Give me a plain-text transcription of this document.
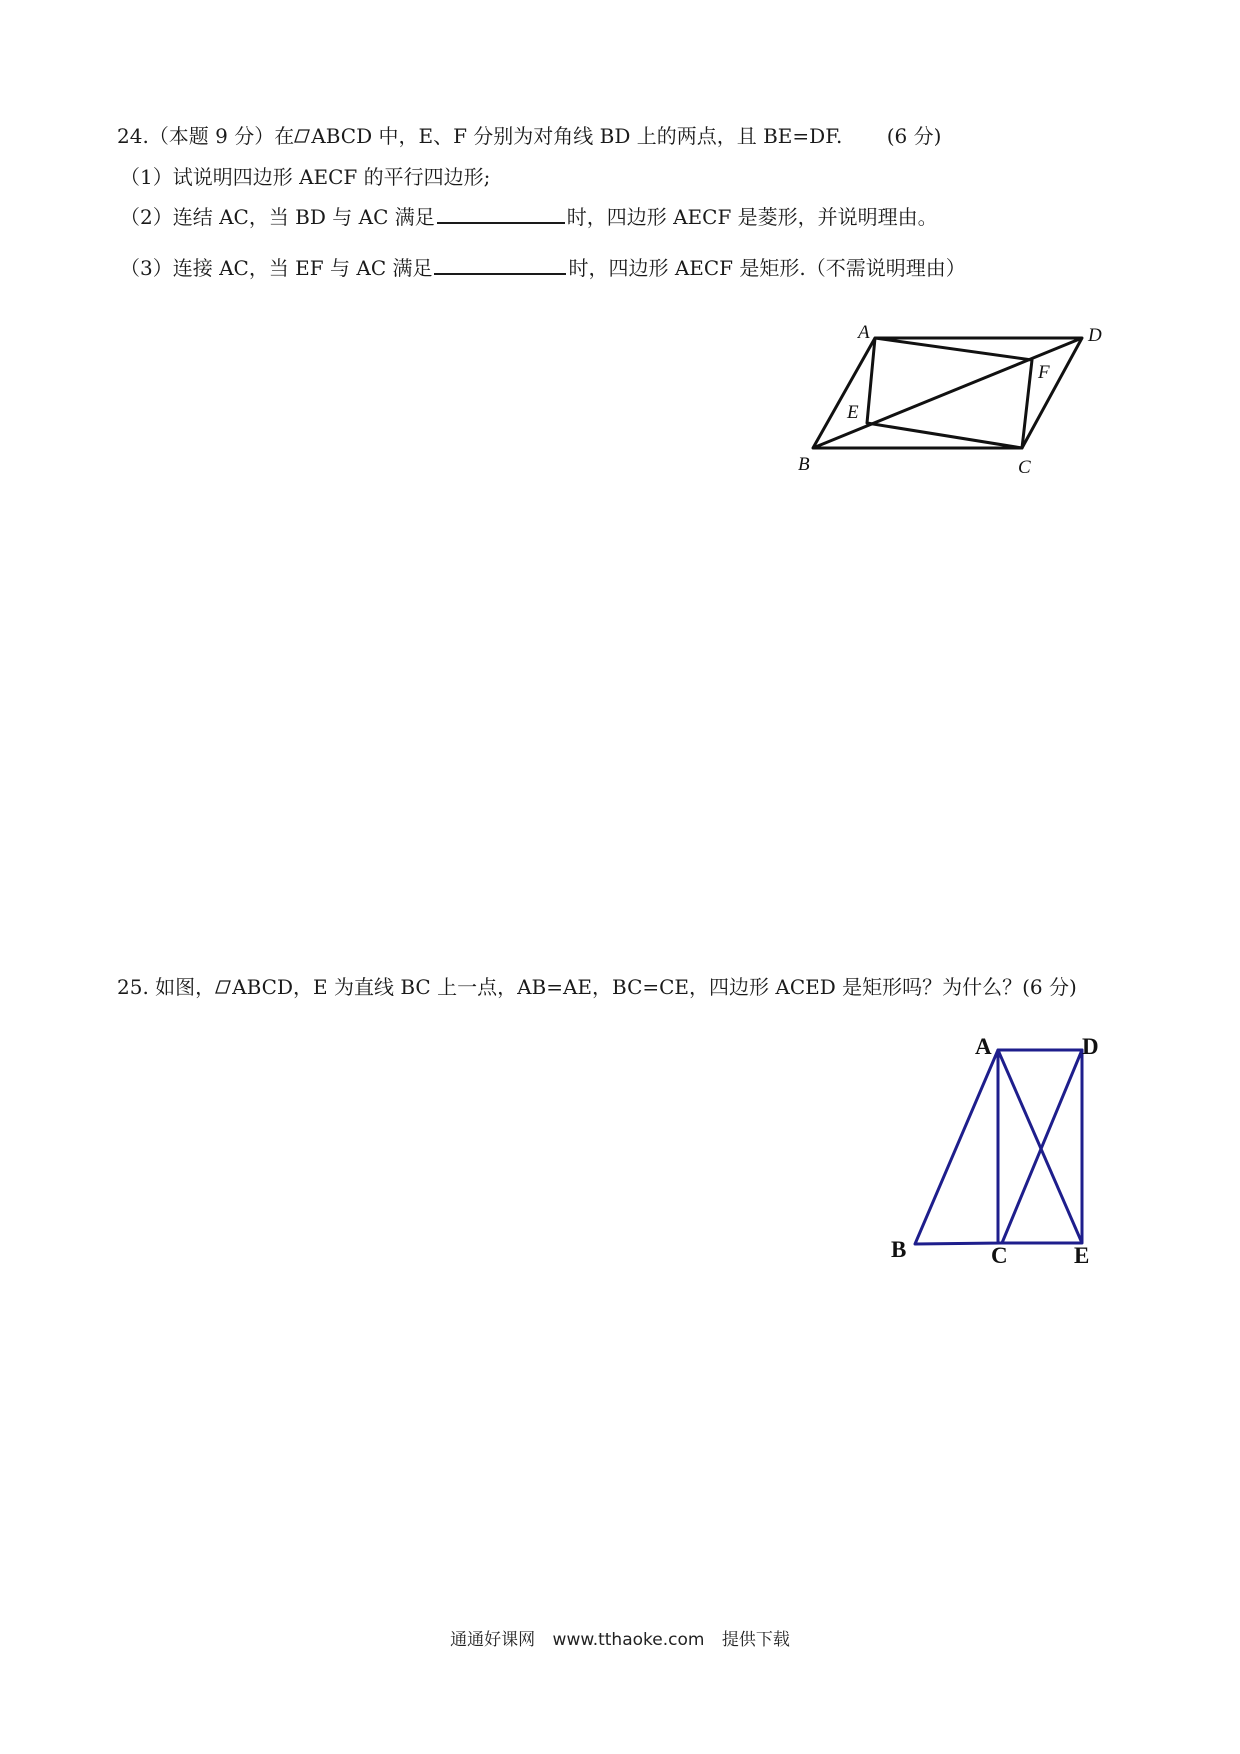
24.（本题 9 分）在 ABCD 中，E、F 分别为对角线 BD 上的两点，且 BE=DF. (6 分)
（1）试说明四边形 AECF 的平行四边形;
（2）连结 AC，当 BD 与 AC 满足	时，四边形 AECF 是菱形，并说明理由。
（3）连接 AC，当 EF 与 AC 满足	时，四边形 AECF 是矩形.（不需说明理由）
A	D
F
E
B	C
25. 如图， ABCD，E 为直线 BC 上一点，AB=AE，BC=CE，四边形 ACED 是矩形吗？为什么？(6 分)
A	D
B	C	E
通通好课网 www.tthaoke.com 提供下载
